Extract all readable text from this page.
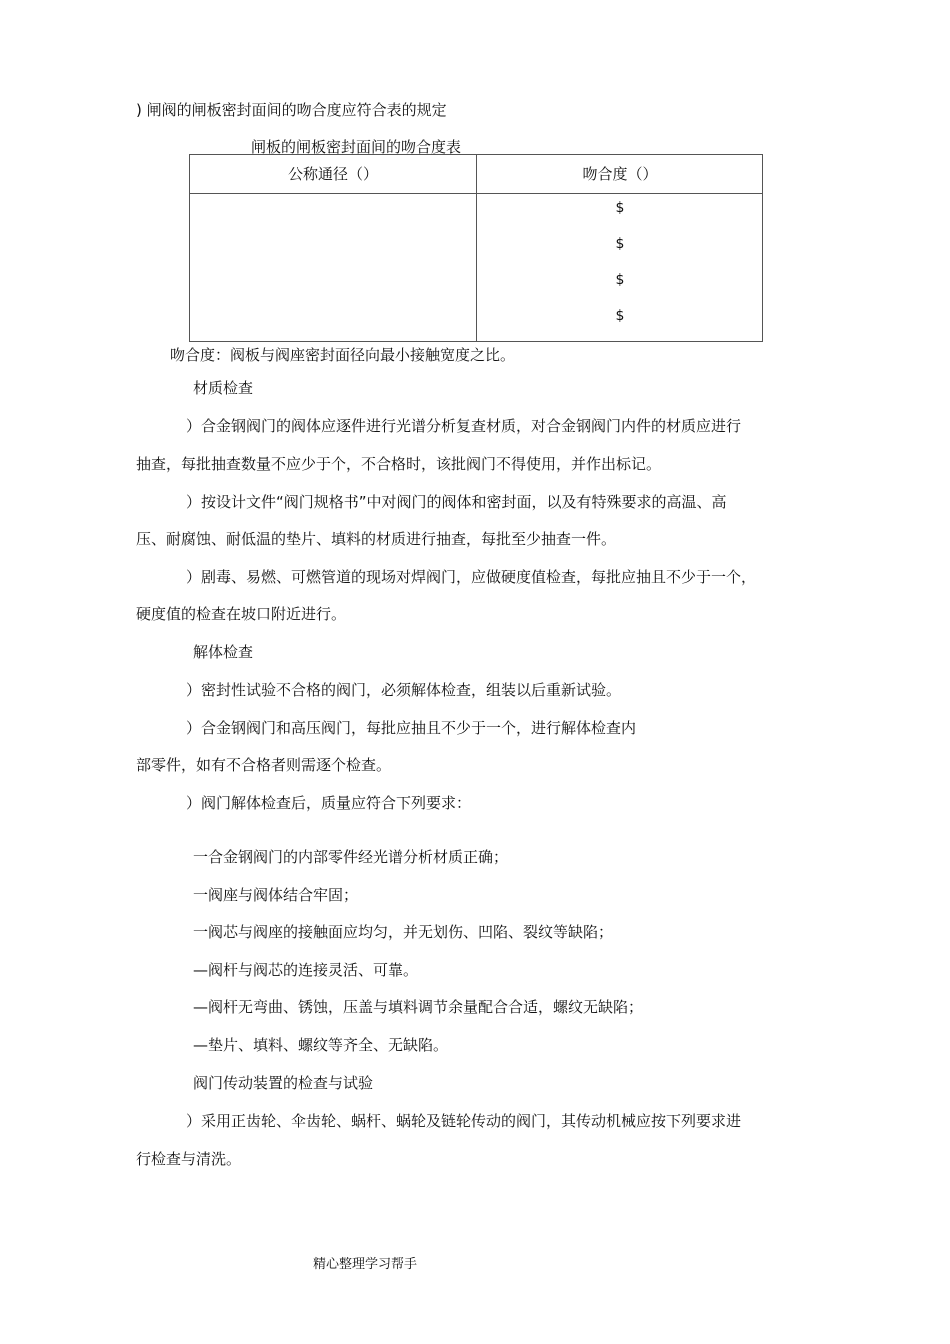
) 闸阀的闸板密封面间的吻合度应符合表的规定
闸板的闸板密封面间的吻合度表
公称通径（）	吻合度（）
$
$
$
$
吻合度：阀板与阀座密封面径向最小接触宽度之比。
材质检查
）合金钢阀门的阀体应逐件进行光谱分析复查材质，对合金钢阀门内件的材质应进行
抽查，每批抽查数量不应少于个，不合格时，该批阀门不得使用，并作出标记。
）按设计文件“阀门规格书”中对阀门的阀体和密封面，以及有特殊要求的高温、高
压、耐腐蚀、耐低温的垫片、填料的材质进行抽查，每批至少抽查一件。
）剧毒、易燃、可燃管道的现场对焊阀门，应做硬度值检查，每批应抽且不少于一个，
硬度值的检查在坡口附近进行。
解体检查
）密封性试验不合格的阀门，必须解体检查，组装以后重新试验。
）合金钢阀门和高压阀门，每批应抽且不少于一个，进行解体检查内
部零件，如有不合格者则需逐个检查。
）阀门解体检查后，质量应符合下列要求：
一合金钢阀门的内部零件经光谱分析材质正确；
一阀座与阀体结合牢固；
一阀芯与阀座的接触面应均匀，并无划伤、凹陷、裂纹等缺陷；
—阀杆与阀芯的连接灵活、可靠。
—阀杆无弯曲、锈蚀，压盖与填料调节余量配合合适，螺纹无缺陷；
—垫片、填料、螺纹等齐全、无缺陷。
阀门传动装置的检查与试验
）采用正齿轮、伞齿轮、蜗杆、蜗轮及链轮传动的阀门，其传动机械应按下列要求进
行检查与清洗。
精心整理学习帮手
